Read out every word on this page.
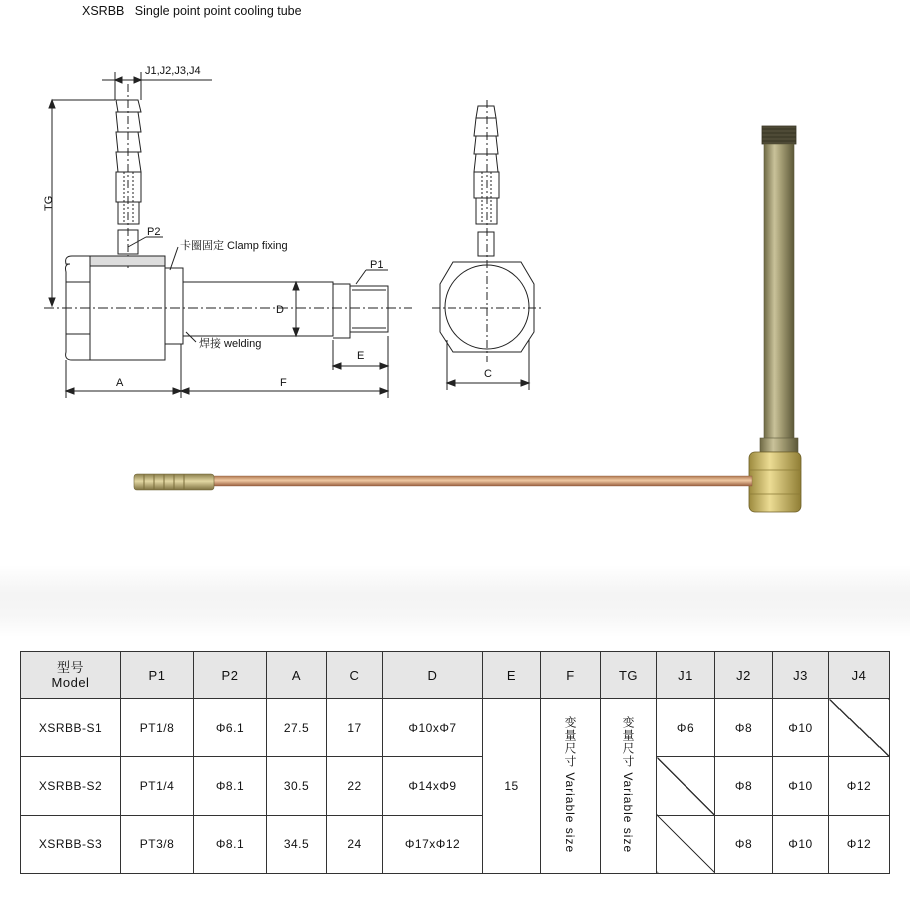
XSRBB   Single point point cooling tube
J1,J2,J3,J4
TG
P2
卡圈固定 Clamp fixing
P1
D
焊接 welding
E
A	F
C
型号
Model	P1	P2	A	C	D	E	F	TG	J1	J2	J3	J4
XSRBB-S1	PT1/8	Φ6.1	27.5	17	Φ10xΦ7	15	变量尺寸 Variable size	变量尺寸 Variable size	Φ6	Φ8	Φ10	
XSRBB-S2	PT1/4	Φ8.1	30.5	22	Φ14xΦ9					Φ8	Φ10	Φ12
XSRBB-S3	PT3/8	Φ8.1	34.5	24	Φ17xΦ12					Φ8	Φ10	Φ12
